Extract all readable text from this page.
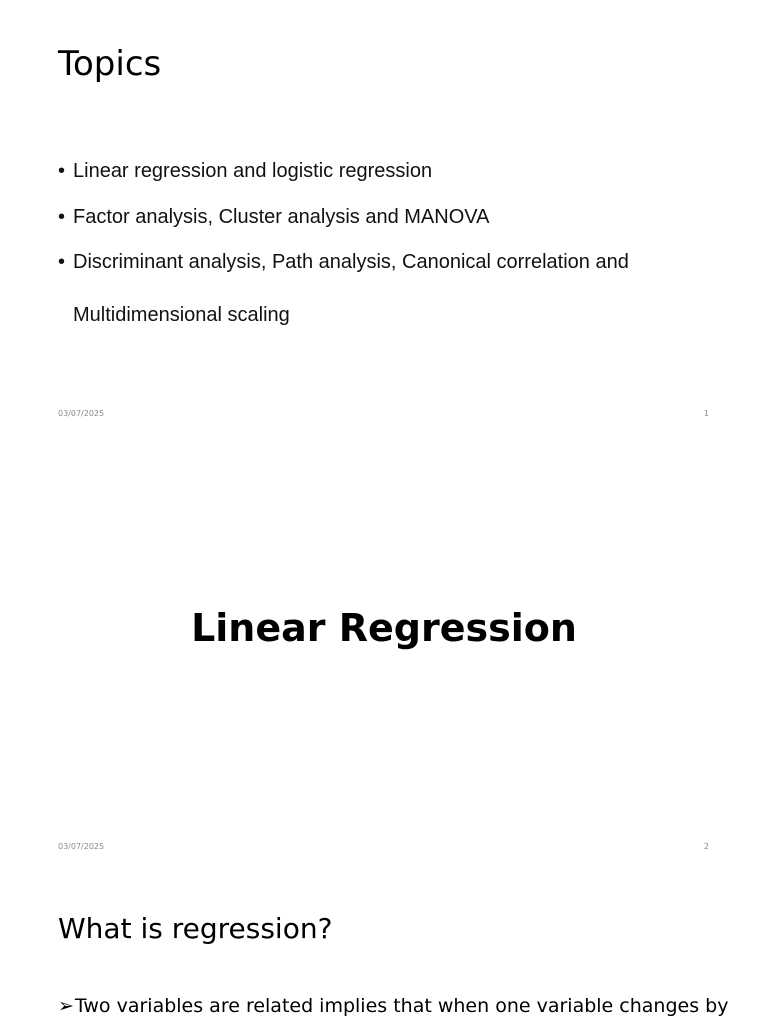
Topics
• Linear regression and logistic regression
• Factor analysis, Cluster analysis and MANOVA
• Discriminant analysis, Path analysis, Canonical correlation and Multidimensional scaling
03/07/2025	1
Linear Regression
03/07/2025	2
What is regression?
➢Two variables are related implies that when one variable changes by
